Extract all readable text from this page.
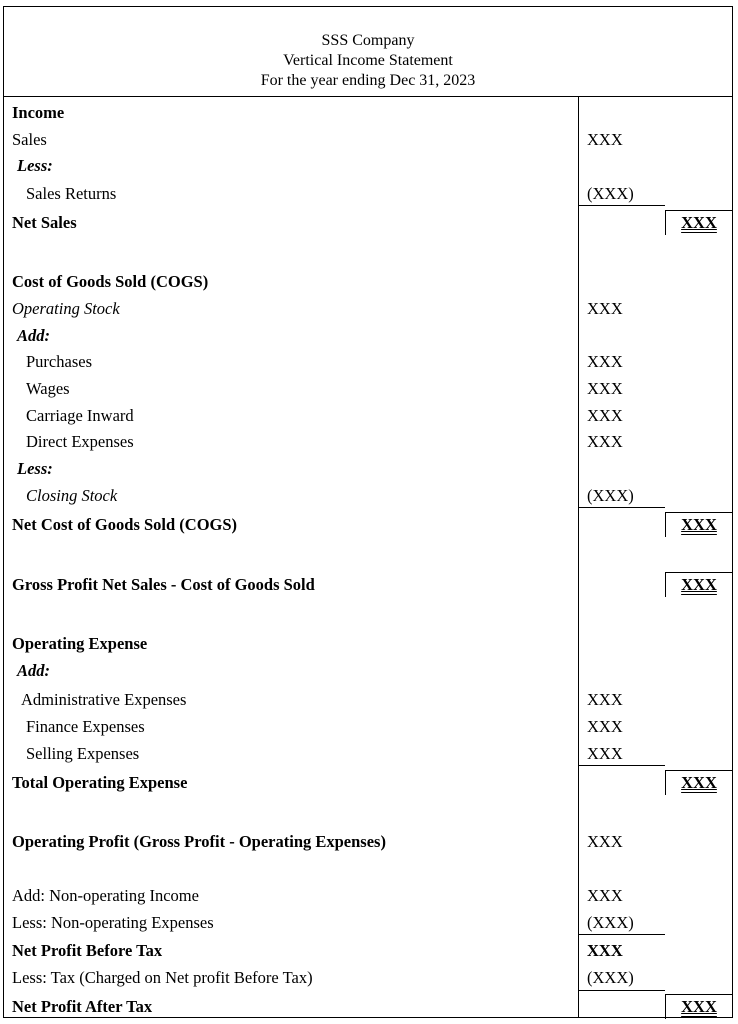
SSS Company
Vertical Income Statement
For the year ending Dec 31, 2023
Income
Sales	XXX
Less:
Sales Returns	(XXX)
Net Sales	XXX
Cost of Goods Sold (COGS)
Operating Stock	XXX
Add:
Purchases	XXX
Wages	XXX
Carriage Inward	XXX
Direct Expenses	XXX
Less:
Closing Stock	(XXX)
Net Cost of Goods Sold (COGS)	XXX
Gross Profit Net Sales - Cost of Goods Sold	XXX
Operating Expense
Add:
Administrative Expenses	XXX
Finance Expenses	XXX
Selling Expenses	XXX
Total Operating Expense	XXX
Operating Profit (Gross Profit - Operating Expenses)	XXX
Add: Non-operating Income	XXX
Less: Non-operating Expenses	(XXX)
Net Profit Before Tax	XXX
Less: Tax (Charged on Net profit Before Tax)	(XXX)
Net Profit After Tax	XXX
